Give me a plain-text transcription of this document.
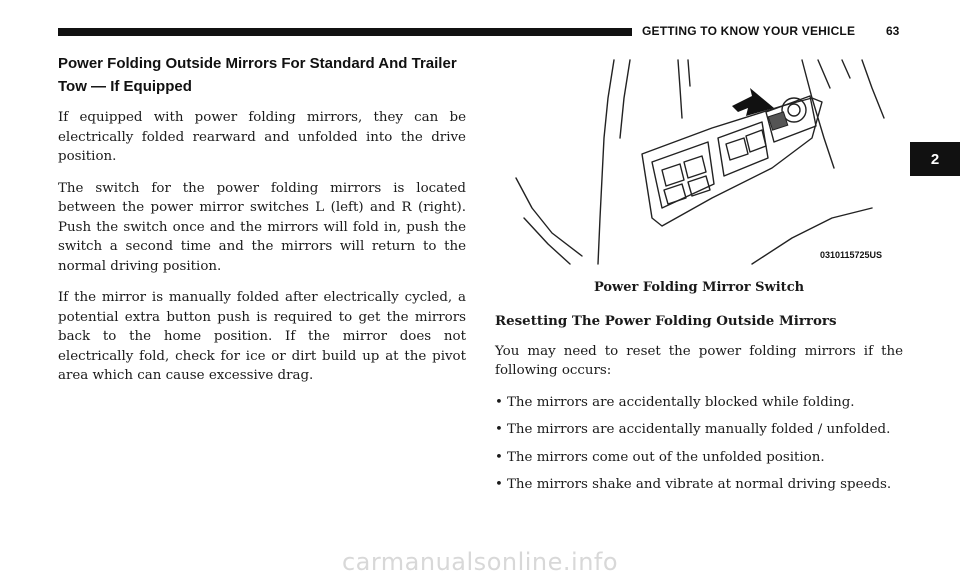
GETTING TO KNOW YOUR VEHICLE	63
2
Power Folding Outside Mirrors For Standard And Trailer Tow — If Equipped

If equipped with power folding mirrors, they can be electrically folded rearward and unfolded into the drive position.

The switch for the power folding mirrors is located between the power mirror switches L (left) and R (right). Push the switch once and the mirrors will fold in, push the switch a second time and the mirrors will return to the normal driving position.

If the mirror is manually folded after electrically cycled, a potential extra button push is required to get the mirrors back to the home position. If the mirror does not electrically fold, check for ice or dirt build up at the pivot area which can cause excessive drag.

0310115725US
Power Folding Mirror Switch
Resetting The Power Folding Outside Mirrors

You may need to reset the power folding mirrors if the following occurs:

• The mirrors are accidentally blocked while folding.
• The mirrors are accidentally manually folded / unfolded.
• The mirrors come out of the unfolded position.
• The mirrors shake and vibrate at normal driving speeds.
carmanualsonline.info
